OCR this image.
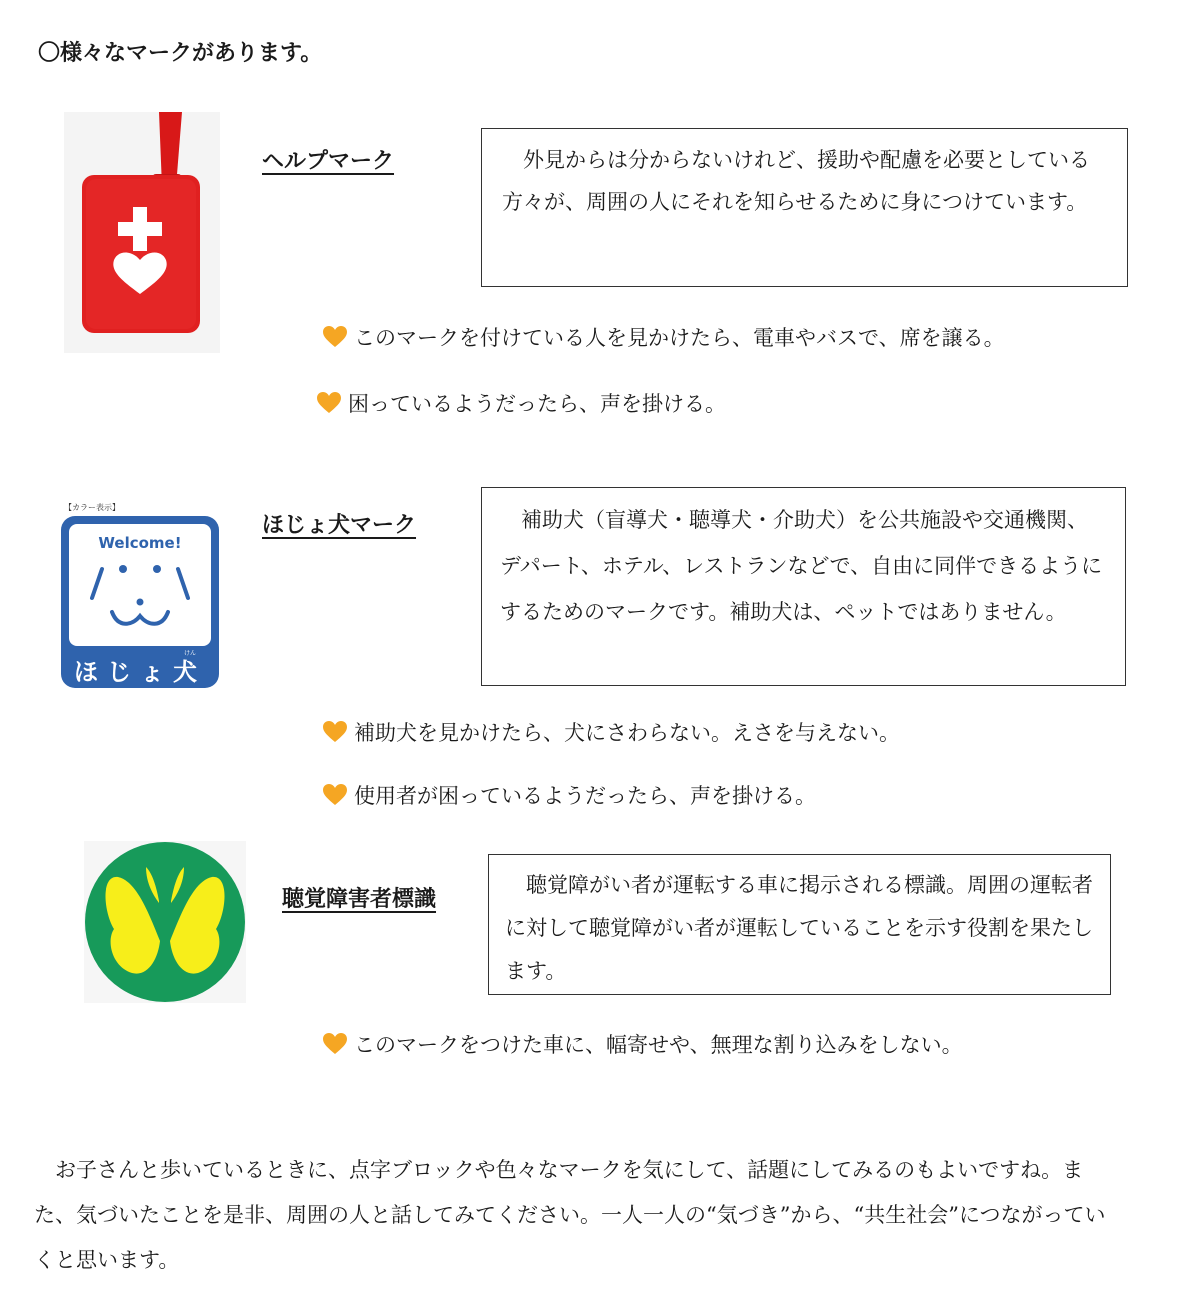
〇様々なマークがあります。
ヘルプマーク	外見からは分からないけれど、援助や配慮を必要としている方々が、周囲の人にそれを知らせるために身につけています。

このマークを付けている人を見かけたら、電車やバスで、席を譲る。
困っているようだったら、声を掛ける。
【カラー表示】
Welcome!
けん
ほじょ犬
ほじょ犬マーク	補助犬（盲導犬・聴導犬・介助犬）を公共施設や交通機関、デパート、ホテル、レストランなどで、自由に同伴できるようにするためのマークです。補助犬は、ペットではありません。

補助犬を見かけたら、犬にさわらない。えさを与えない。
使用者が困っているようだったら、声を掛ける。
聴覚障害者標識

聴覚障がい者が運転する車に掲示される標識。周囲の運転者に対して聴覚障がい者が運転していることを示す役割を果たします。

このマークをつけた車に、幅寄せや、無理な割り込みをしない。

お子さんと歩いているときに、点字ブロックや色々なマークを気にして、話題にしてみるのもよいですね。また、気づいたことを是非、周囲の人と話してみてください。一人一人の“気づき”から、“共生社会”につながっていくと思います。
